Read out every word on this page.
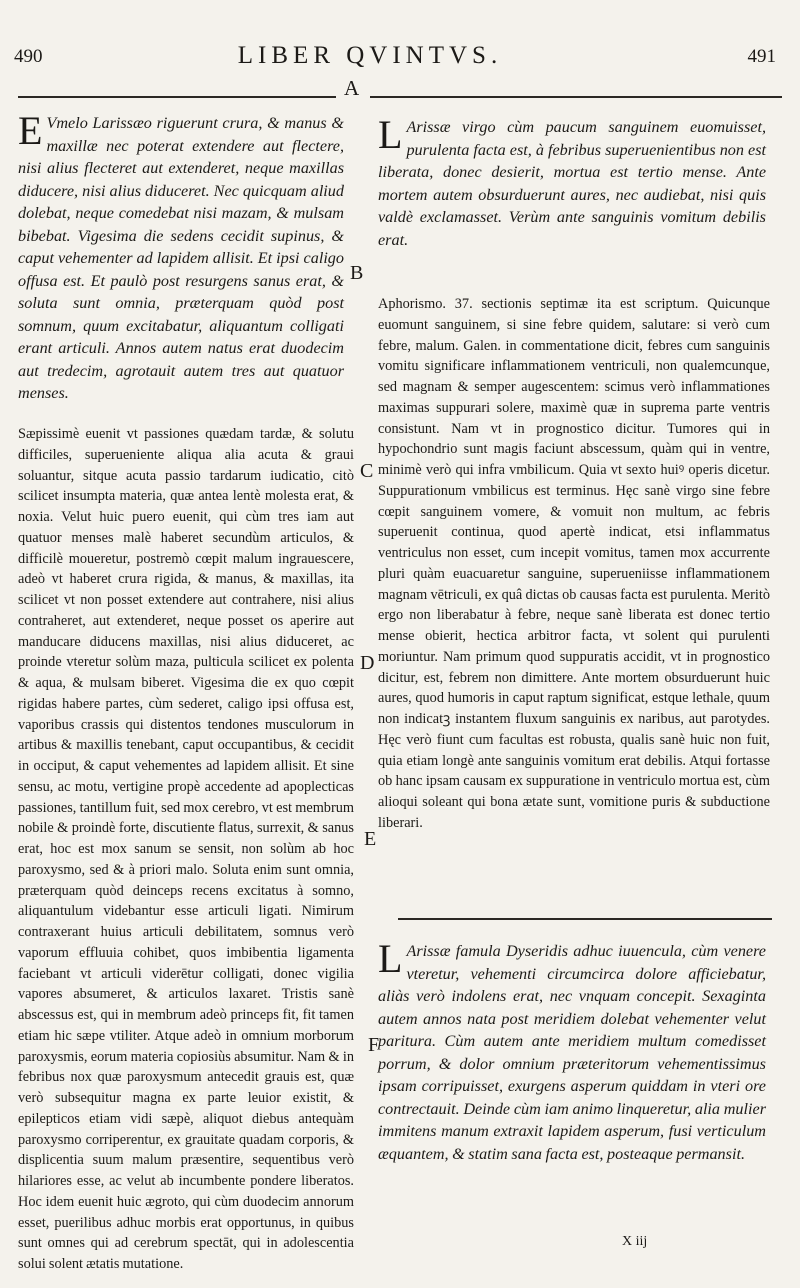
490	LIBER QVINTVS.	491
A

E Vmelo Larissæo riguerunt crura, & manus & maxillæ nec poterat extendere aut flectere, nisi alius flecteret aut extenderet, neque maxillas diducere, nisi alius diduceret. Nec quicquam aliud dolebat, neque comedebat nisi mazam, & mulsam bibebat. Vigesima die sedens cecidit supinus, & caput vehementer ad lapidem allisit. Et ipsi caligo offusa est. Et paulò post resurgens sanus erat, & soluta sunt omnia, præterquam quòd post somnum, quum excitabatur, aliquantum colligati erant articuli. Annos autem natus erat duodecim aut tredecim, agrotauit autem tres aut quatuor menses.

Sæpissimè euenit vt passiones quædam tardæ, & solutu difficiles, superueniente aliqua alia acuta & graui soluantur, sitque acuta passio tardarum iudicatio, citò scilicet insumpta materia, quæ antea lentè molesta erat, & noxia. Velut huic puero euenit, qui cùm tres iam aut quatuor menses malè haberet secundùm articulos, & difficilè moueretur, postremò cœpit malum ingrauescere, adeò vt haberet crura rigida, & manus, & maxillas, ita scilicet vt non posset extendere aut contrahere, nisi alius contraheret, aut extenderet, neque posset os aperire aut manducare diducens maxillas, nisi alius diduceret, ac proinde vteretur solùm maza, pulticula scilicet ex polenta & aqua, & mulsam biberet. Vigesima die ex quo cœpit rigidas habere partes, cùm sederet, caligo ipsi offusa est, vaporibus crassis qui distentos tendones musculorum in artibus & maxillis tenebant, caput occupantibus, & cecidit in occiput, & caput vehementes ad lapidem allisit. Et sine sensu, ac motu, vertigine propè accedente ad apoplecticas passiones, tantillum fuit, sed mox cerebro, vt est membrum nobile & proindè forte, discutiente flatus, surrexit, & sanus erat, hoc est mox sanum se sensit, non solùm ab hoc paroxysmo, sed & à priori malo. Soluta enim sunt omnia, præterquam quòd deinceps recens excitatus à somno, aliquantulum videbantur esse articuli ligati. Nimirum contraxerant huius articuli debilitatem, somnus verò vaporum effluuia cohibet, quos imbibentia ligamenta faciebant vt articuli viderētur colligati, donec vigilia vapores absumeret, & articulos laxaret. Tristis sanè abscessus est, qui in membrum adeò princeps fit, fit tamen etiam hic sæpe vtiliter. Atque adeò in omnium morborum paroxysmis, eorum materia copiosiùs absumitur. Nam & in febribus nox quæ paroxysmum antecedit grauis est, quæ verò subsequitur magna ex parte leuior existit, & epilepticos etiam vidi sæpè, aliquot diebus antequàm paroxysmo corriperentur, ex grauitate quadam corporis, & displicentia suum malum præsentire, sequentibus verò hilariores esse, ac velut ab incumbente pondere liberatos. Hoc idem euenit huic ægroto, qui cùm duodecim annorum esset, puerilibus adhuc morbis erat opportunus, in quibus sunt omnes qui ad cerebrum spectāt, qui in adolescentia solui solent ætatis mutatione.

L Arissæ virgo cùm paucum sanguinem euomuisset, purulenta facta est, à febribus superuenientibus non est liberata, donec desierit, mortua est tertio mense. Ante mortem autem obsurduerunt aures, nec audiebat, nisi quis valdè exclamasset. Verùm ante sanguinis vomitum debilis erat.

Aphorismo. 37. sectionis septimæ ita est scriptum. Quicunque euomunt sanguinem, si sine febre quidem, salutare: si verò cum febre, malum. Galen. in commentatione dicit, febres cum sanguinis vomitu significare inflammationem ventriculi, non qualemcunque, sed magnam & semper augescentem: scimus verò inflammationes maximas suppurari solere, maximè quæ in suprema parte ventris consistunt. Nam vt in prognostico dicitur. Tumores qui in hypochondrio sunt magis faciunt abscessum, quàm qui in ventre, minimè verò qui infra vmbilicum. Quia vt sexto huiꝰ operis dicetur. Suppurationum vmbilicus est terminus. Hęc sanè virgo sine febre cœpit sanguinem vomere, & vomuit non multum, ac febris superuenit continua, quod apertè indicat, etsi inflammatus ventriculus non esset, cum incepit vomitus, tamen mox accurrente pluri quàm euacuaretur sanguine, superueniisse inflammationem magnam vētriculi, ex quâ dictas ob causas facta est purulenta. Meritò ergo non liberabatur à febre, neque sanè liberata est donec tertio mense obierit, hectica arbitror facta, vt solent qui purulenti moriuntur. Nam primum quod suppuratis accidit, vt in prognostico dicitur, est, febrem non dimittere. Ante mortem obsurduerunt huic aures, quod humoris in caput raptum significat, estque lethale, quum non indicatꝫ instantem fluxum sanguinis ex naribus, aut parotydes. Hęc verò fiunt cum facultas est robusta, qualis sanè huic non fuit, quia etiam longè ante sanguinis vomitum erat debilis. Atqui fortasse ob hanc ipsam causam ex suppuratione in ventriculo mortua est, cùm alioqui soleant qui bona ætate sunt, vomitione puris & subductione liberari.

L Arissæ famula Dyseridis adhuc iuuencula, cùm venere vteretur, vehementi circumcirca dolore afficiebatur, aliàs verò indolens erat, nec vnquam concepit. Sexaginta autem annos nata post meridiem dolebat vehementer velut paritura. Cùm autem ante meridiem multum comedisset porrum, & dolor omnium præteritorum vehementissimus ipsam corripuisset, exurgens asperum quiddam in vteri ore contrectauit. Deinde cùm iam animo linqueretur, alia mulier immitens manum extraxit lapidem asperum, fusi verticulum æquantem, & statim sana facta est, posteaque permansit.

B
C
D
E
F
X iij
